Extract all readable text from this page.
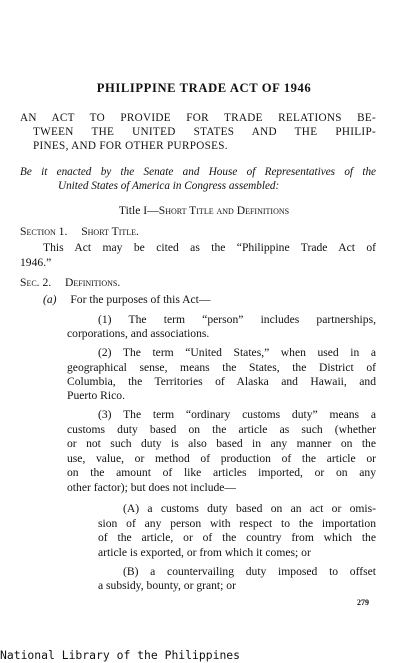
PHILIPPINE TRADE ACT OF 1946
AN ACT TO PROVIDE FOR TRADE RELATIONS BE-
TWEEN THE UNITED STATES AND THE PHILIP-
PINES, AND FOR OTHER PURPOSES.
Be it enacted by the Senate and House of Representatives of the
United States of America in Congress assembled:
Title I—Short Title and Definitions
Section 1. Short Title.
This Act may be cited as the “Philippine Trade Act of
1946.”
Sec. 2. Definitions.
(a) For the purposes of this Act—
(1) The term “person” includes partnerships,
corporations, and associations.
(2) The term “United States,” when used in a
geographical sense, means the States, the District of
Columbia, the Territories of Alaska and Hawaii, and
Puerto Rico.
(3) The term “ordinary customs duty” means a
customs duty based on the article as such (whether
or not such duty is also based in any manner on the
use, value, or method of production of the article or
on the amount of like articles imported, or on any
other factor); but does not include—
(A) a customs duty based on an act or omis-
sion of any person with respect to the importation
of the article, or of the country from which the
article is exported, or from which it comes; or
(B) a countervailing duty imposed to offset
a subsidy, bounty, or grant; or
279
National Library of the Philippines
